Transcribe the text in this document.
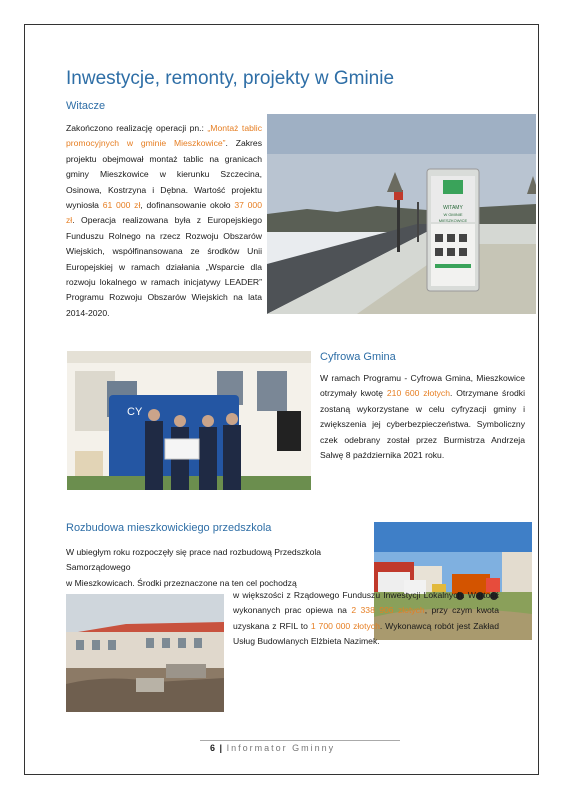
Inwestycje, remonty, projekty w Gminie
Witacze

Zakończono realizację operacji pn.: „Montaż tablic promocyjnych w gminie Mieszkowice”. Zakres projektu obejmował montaż tablic na granicach gminy Mieszkowice w kierunku Szczecina, Osinowa, Kostrzyna i Dębna. Wartość projektu wyniosła 61 000 zł, dofinansowanie około 37 000 zł. Operacja realizowana była z Europejskiego Funduszu Rolnego na rzecz Rozwoju Obszarów Wiejskich, współfinansowana ze środków Unii Europejskiej w ramach działania „Wsparcie dla rozwoju lokalnego w ramach inicjatywy LEADER” Programu Rozwoju Obszarów Wiejskich na lata 2014-2020.

WITAMY
W GMINIE
MIESZKOWICE
CY
Cyfrowa Gmina

W ramach Programu - Cyfrowa Gmina, Mieszkowice otrzymały kwotę 210 600 złotych. Otrzymane środki zostaną wykorzystane w celu cyfryzacji gminy i zwiększenia jej cyberbezpieczeństwa. Symboliczny czek odebrany został przez Burmistrza Andrzeja Salwę 8 października 2021 roku.

Rozbudowa mieszkowickiego przedszkola

W ubiegłym roku rozpoczęły się prace nad rozbudową Przedszkola Samorządowego
w Mieszkowicach. Środki przeznaczone na ten cel pochodzą

w większości z Rządowego Funduszu Inwestycji Lokalnych. Wartość wykonanych prac opiewa na 2 338 906 złotych, przy czym kwota uzyskana z RFIL to 1 700 000 złotych. Wykonawcą robót jest Zakład Usług Budowlanych Elżbieta Nazimek.

6 | Informator Gminny
